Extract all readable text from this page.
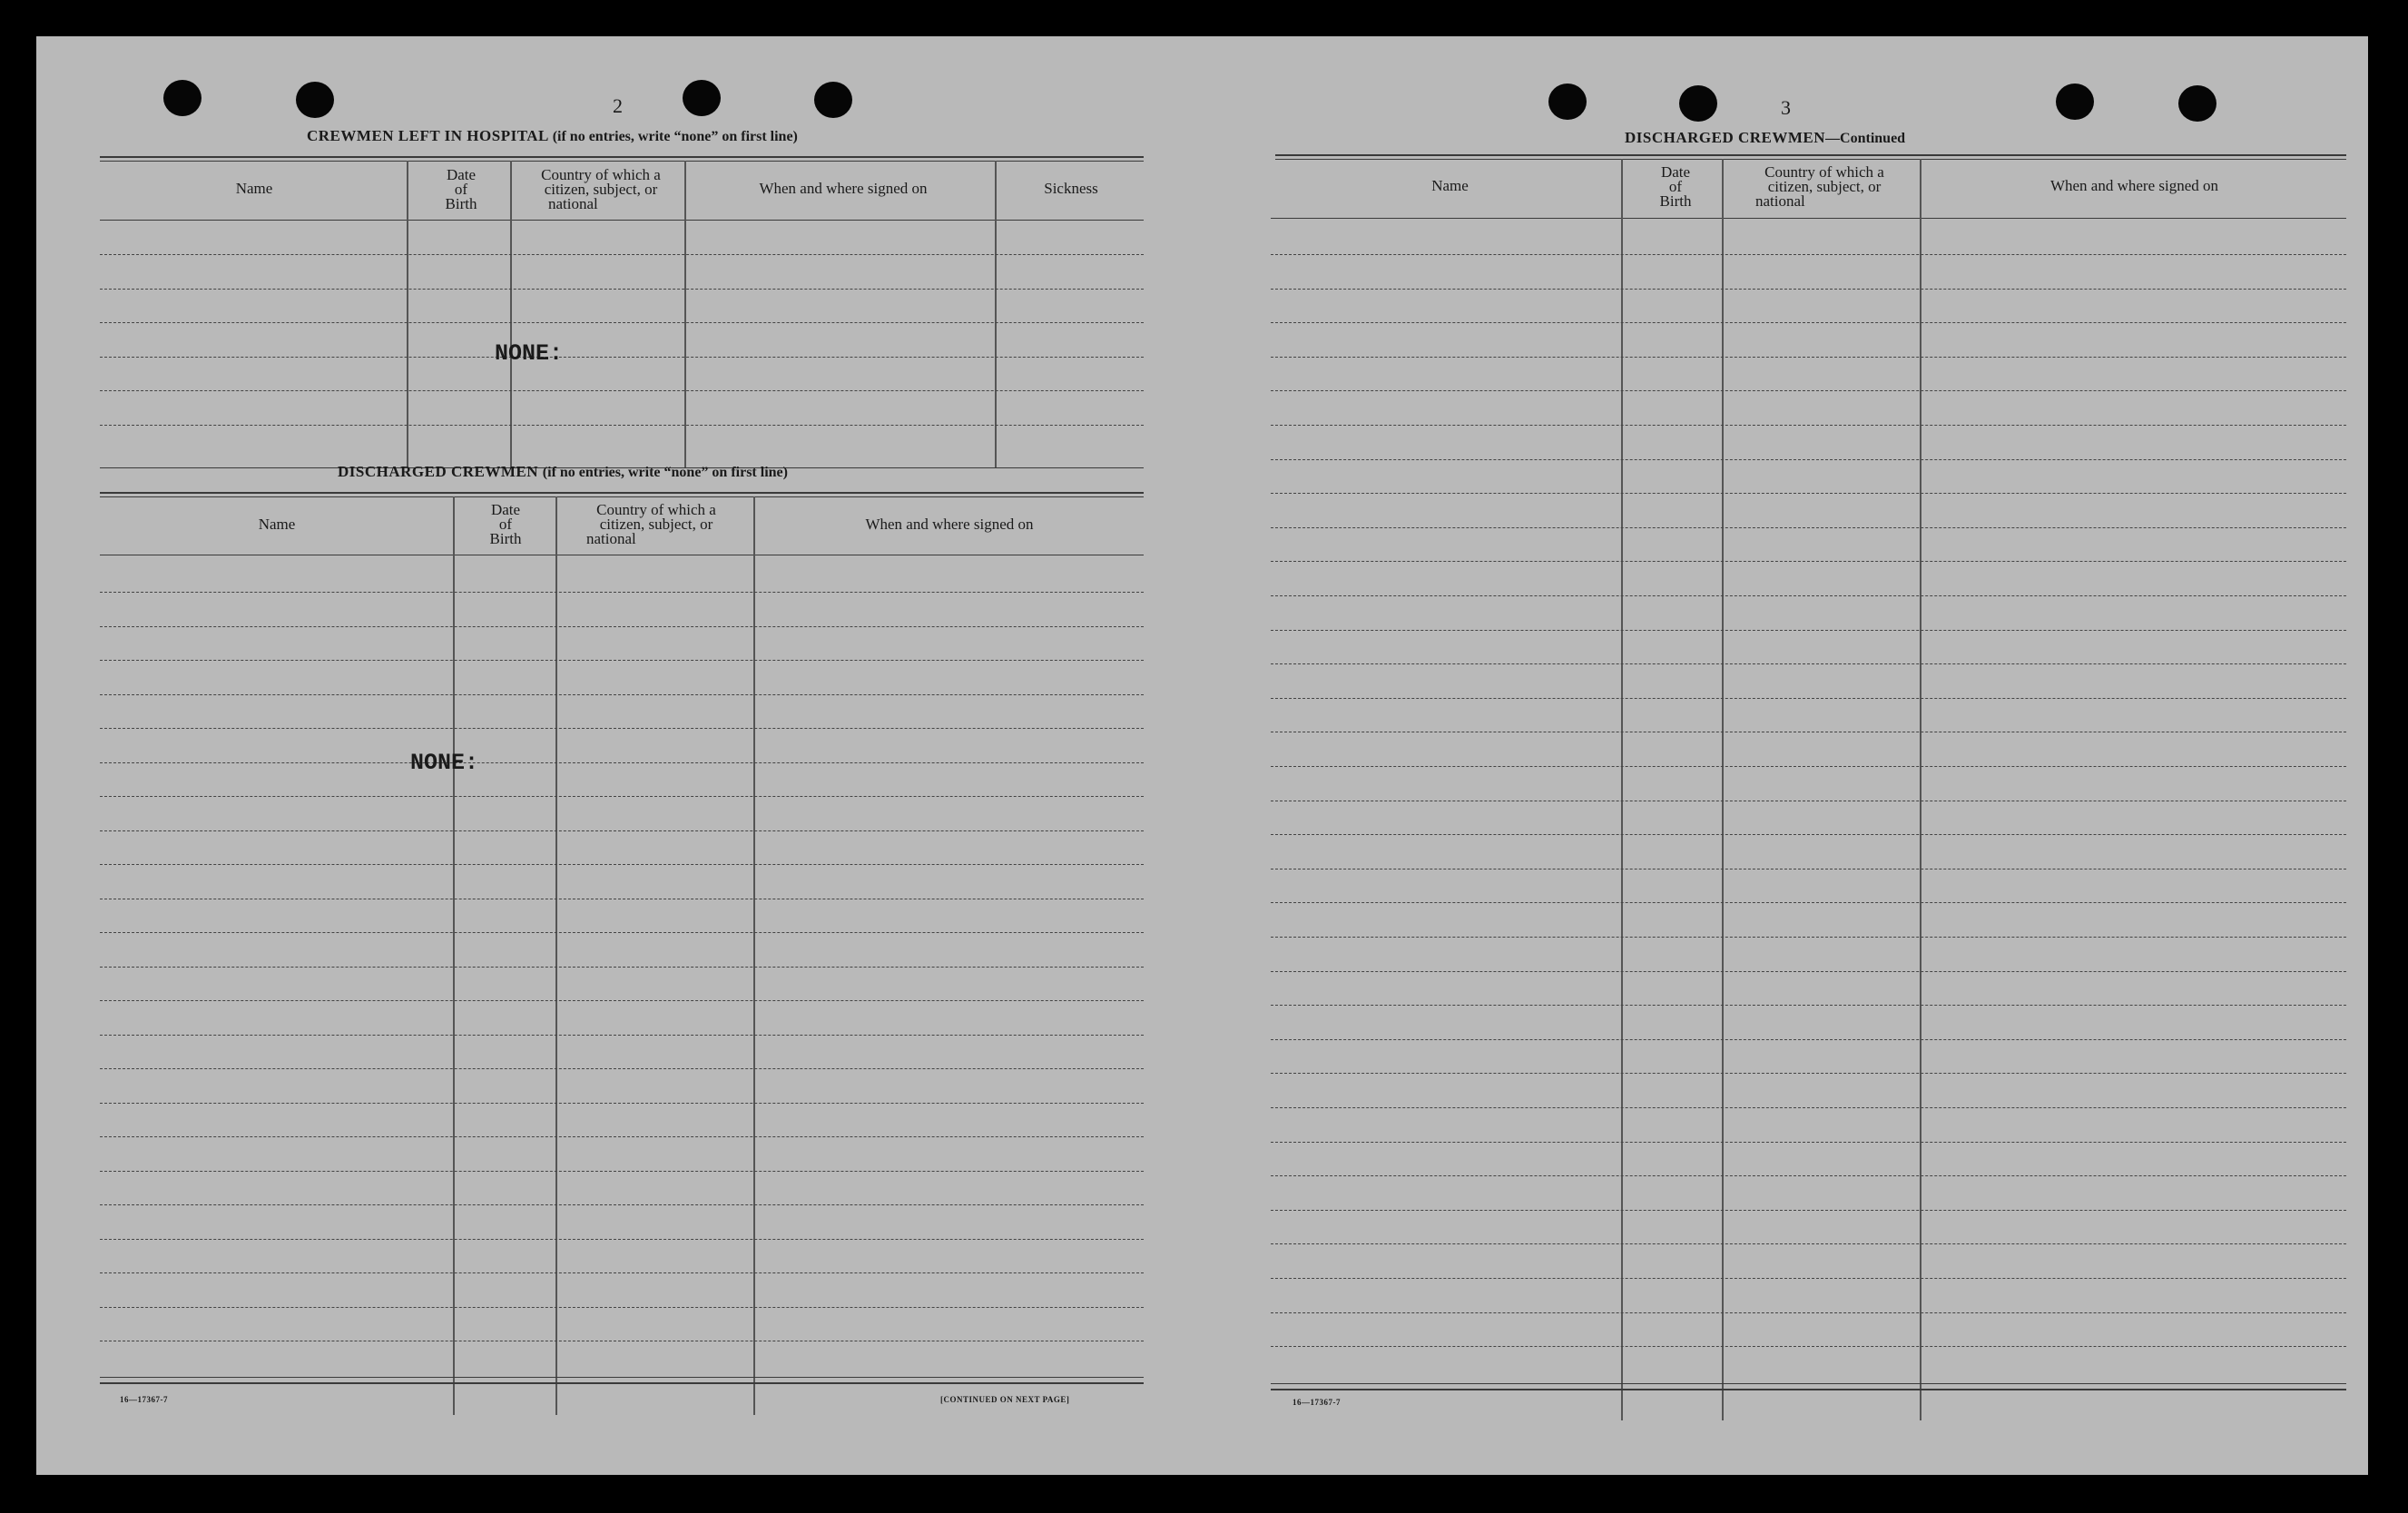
2
CREWMEN LEFT IN HOSPITAL (if no entries, write “none” on first line)
Name
Date
of
Birth
Country of which a
citizen, subject, or
national
When and where signed on	Sickness
NONE:
DISCHARGED CREWMEN (if no entries, write “none” on first line)
Name
Date
of
Birth
Country of which a
citizen, subject, or
national
When and where signed on
NONE:
16—17367-7	[CONTINUED ON NEXT PAGE]
3
DISCHARGED CREWMEN—Continued
Name
Date
of
Birth
Country of which a
citizen, subject, or
national
When and where signed on
16—17367-7
